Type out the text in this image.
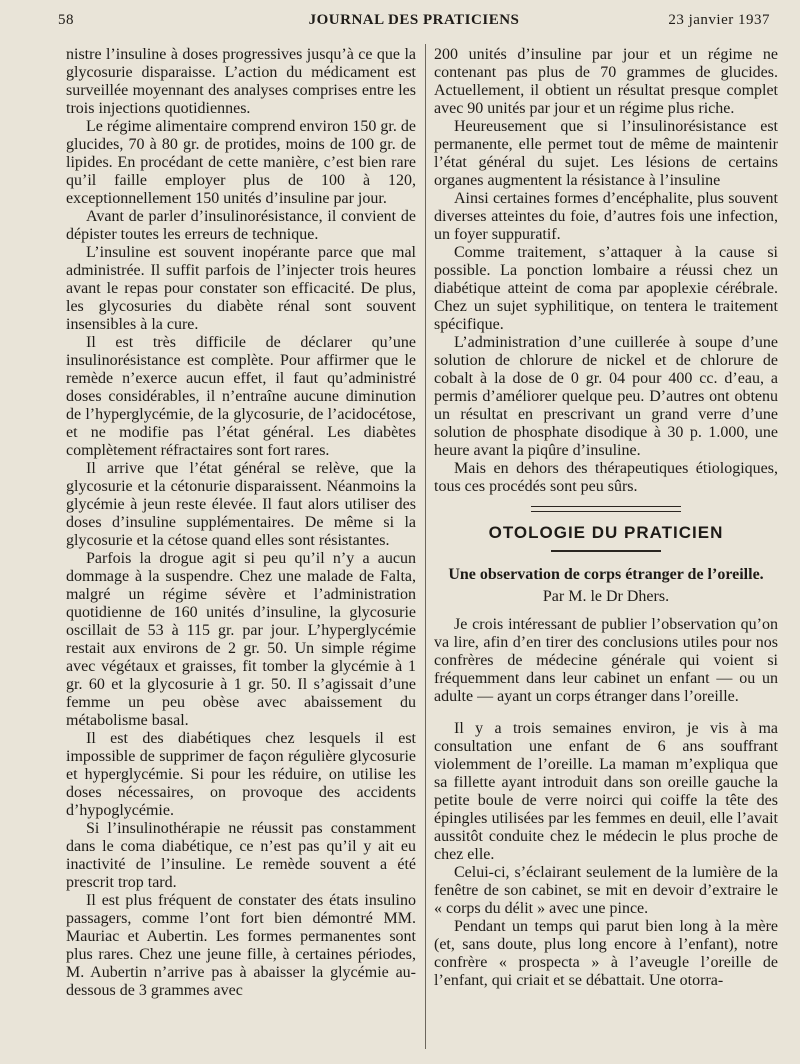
58	JOURNAL DES PRATICIENS	23 janvier 1937

nistre l’insuline à doses progressives jusqu’à ce que la glycosurie disparaisse. L’action du médicament est surveillée moyennant des analyses comprises entre les trois injections quotidiennes.

Le régime alimentaire comprend environ 150 gr. de glucides, 70 à 80 gr. de protides, moins de 100 gr. de lipides. En procédant de cette manière, c’est bien rare qu’il faille employer plus de 100 à 120, exceptionnellement 150 unités d’insuline par jour.

Avant de parler d’insulinorésistance, il convient de dépister toutes les erreurs de technique.

L’insuline est souvent inopérante parce que mal administrée. Il suffit parfois de l’injecter trois heures avant le repas pour constater son efficacité. De plus, les glycosuries du diabète rénal sont souvent insensibles à la cure.

Il est très difficile de déclarer qu’une insulinorésistance est complète. Pour affirmer que le remède n’exerce aucun effet, il faut qu’administré doses considérables, il n’entraîne aucune diminution de l’hyperglycémie, de la glycosurie, de l’acidocétose, et ne modifie pas l’état général. Les diabètes complètement réfractaires sont fort rares.

Il arrive que l’état général se relève, que la glycosurie et la cétonurie disparaissent. Néanmoins la glycémie à jeun reste élevée. Il faut alors utiliser des doses d’insuline supplémentaires. De même si la glycosurie et la cétose quand elles sont résistantes.

Parfois la drogue agit si peu qu’il n’y a aucun dommage à la suspendre. Chez une malade de Falta, malgré un régime sévère et l’administration quotidienne de 160 unités d’insuline, la glycosurie oscillait de 53 à 115 gr. par jour. L’hyperglycémie restait aux environs de 2 gr. 50. Un simple régime avec végétaux et graisses, fit tomber la glycémie à 1 gr. 60 et la glycosurie à 1 gr. 50. Il s’agissait d’une femme un peu obèse avec abaissement du métabolisme basal.

Il est des diabétiques chez lesquels il est impossible de supprimer de façon régulière glycosurie et hyperglycémie. Si pour les réduire, on utilise les doses nécessaires, on provoque des accidents d’hypoglycémie.

Si l’insulinothérapie ne réussit pas constamment dans le coma diabétique, ce n’est pas qu’il y ait eu inactivité de l’insuline. Le remède souvent a été prescrit trop tard.

Il est plus fréquent de constater des états insulino passagers, comme l’ont fort bien démontré MM. Mauriac et Aubertin. Les formes permanentes sont plus rares. Chez une jeune fille, à certaines périodes, M. Aubertin n’arrive pas à abaisser la glycémie au-dessous de 3 grammes avec

200 unités d’insuline par jour et un régime ne contenant pas plus de 70 grammes de glucides. Actuellement, il obtient un résultat presque complet avec 90 unités par jour et un régime plus riche.

Heureusement que si l’insulinorésistance est permanente, elle permet tout de même de maintenir l’état général du sujet. Les lésions de certains organes augmentent la résistance à l’insuline

Ainsi certaines formes d’encéphalite, plus souvent diverses atteintes du foie, d’autres fois une infection, un foyer suppuratif.

Comme traitement, s’attaquer à la cause si possible. La ponction lombaire a réussi chez un diabétique atteint de coma par apoplexie cérébrale. Chez un sujet syphilitique, on tentera le traitement spécifique.

L’administration d’une cuillerée à soupe d’une solution de chlorure de nickel et de chlorure de cobalt à la dose de 0 gr. 04 pour 400 cc. d’eau, a permis d’améliorer quelque peu. D’autres ont obtenu un résultat en prescrivant un grand verre d’une solution de phosphate disodique à 30 p. 1.000, une heure avant la piqûre d’insuline.

Mais en dehors des thérapeutiques étiologiques, tous ces procédés sont peu sûrs.

OTOLOGIE DU PRATICIEN

Une observation de corps étranger de l’oreille.

Par M. le Dr Dhers.

Je crois intéressant de publier l’observation qu’on va lire, afin d’en tirer des conclusions utiles pour nos confrères de médecine générale qui voient si fréquemment dans leur cabinet un enfant — ou un adulte — ayant un corps étranger dans l’oreille.

Il y a trois semaines environ, je vis à ma consultation une enfant de 6 ans souffrant violemment de l’oreille. La maman m’expliqua que sa fillette ayant introduit dans son oreille gauche la petite boule de verre noirci qui coiffe la tête des épingles utilisées par les femmes en deuil, elle l’avait aussitôt conduite chez le médecin le plus proche de chez elle.

Celui-ci, s’éclairant seulement de la lumière de la fenêtre de son cabinet, se mit en devoir d’extraire le « corps du délit » avec une pince.

Pendant un temps qui parut bien long à la mère (et, sans doute, plus long encore à l’enfant), notre confrère « prospecta » à l’aveugle l’oreille de l’enfant, qui criait et se débattait. Une otorra-
